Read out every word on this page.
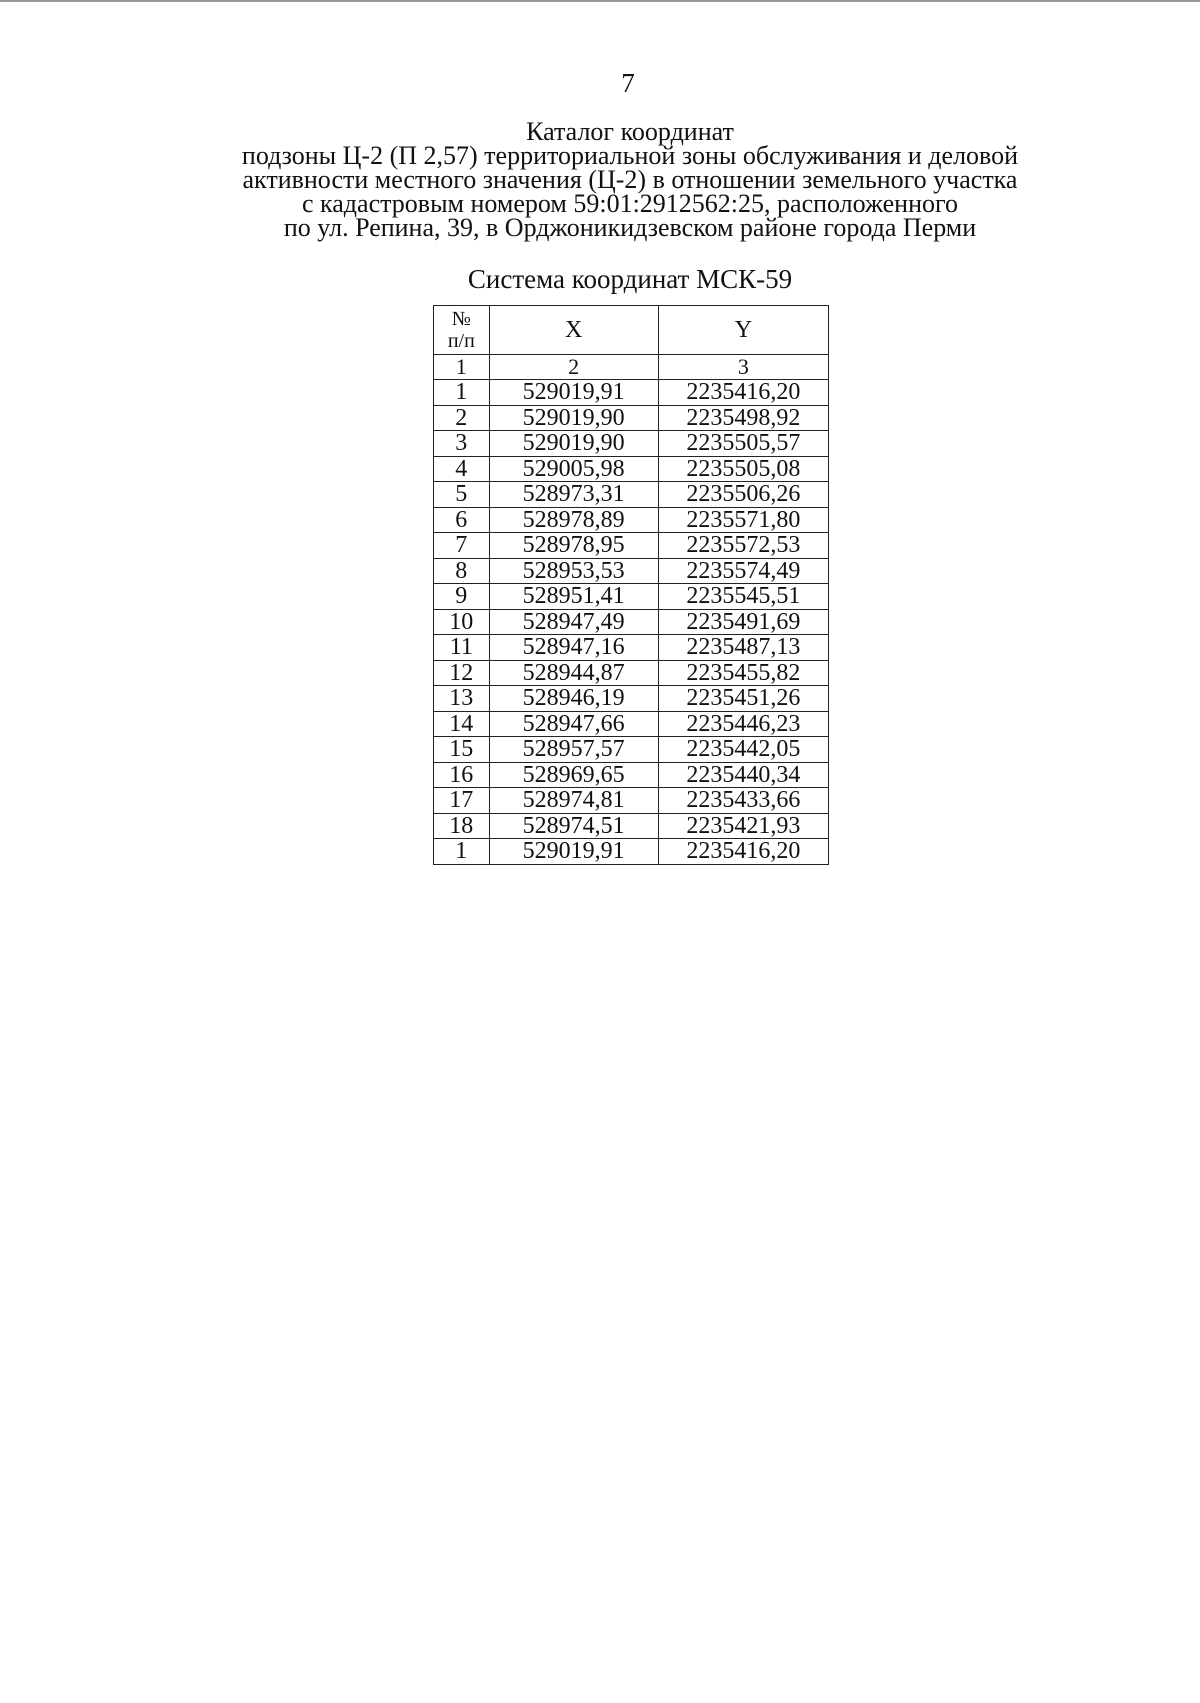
7
Каталог координат
подзоны Ц-2 (П 2,57) территориальной зоны обслуживания и деловой
активности местного значения (Ц-2) в отношении земельного участка
с кадастровым номером 59:01:2912562:25, расположенного
по ул. Репина, 39, в Орджоникидзевском районе города Перми
Система координат МСК-59
№
п/п	X	Y
1	2	3
1	529019,91	2235416,20
2	529019,90	2235498,92
3	529019,90	2235505,57
4	529005,98	2235505,08
5	528973,31	2235506,26
6	528978,89	2235571,80
7	528978,95	2235572,53
8	528953,53	2235574,49
9	528951,41	2235545,51
10	528947,49	2235491,69
11	528947,16	2235487,13
12	528944,87	2235455,82
13	528946,19	2235451,26
14	528947,66	2235446,23
15	528957,57	2235442,05
16	528969,65	2235440,34
17	528974,81	2235433,66
18	528974,51	2235421,93
1	529019,91	2235416,20
